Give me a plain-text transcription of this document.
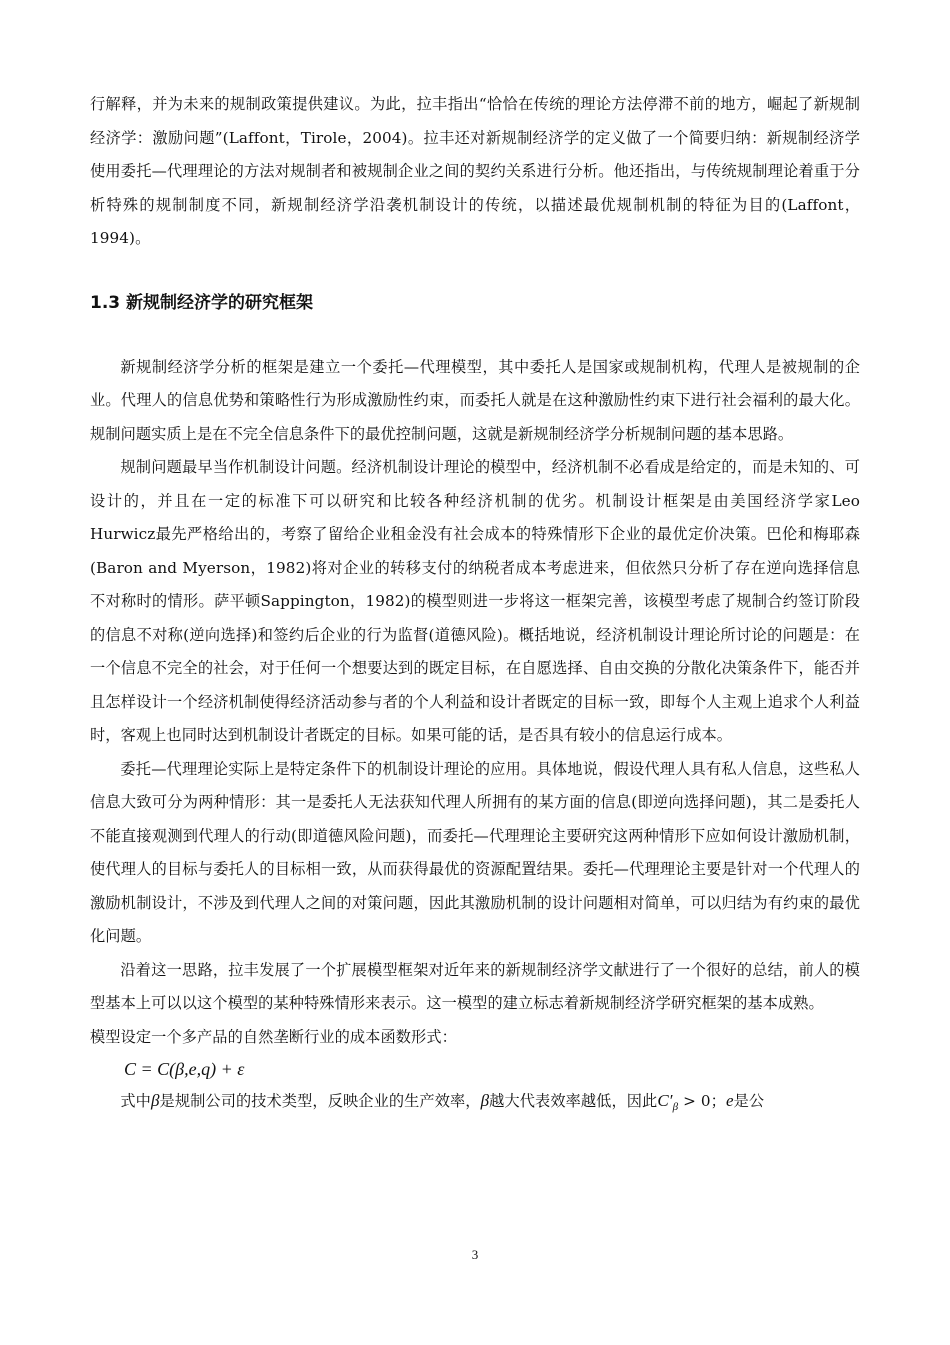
行解释，并为未来的规制政策提供建议。为此，拉丰指出“恰恰在传统的理论方法停滞不前的地方，崛起了新规制经济学：激励问题”(Laffont，Tirole，2004)。拉丰还对新规制经济学的定义做了一个简要归纳：新规制经济学使用委托—代理理论的方法对规制者和被规制企业之间的契约关系进行分析。他还指出，与传统规制理论着重于分析特殊的规制制度不同，新规制经济学沿袭机制设计的传统，以描述最优规制机制的特征为目的(Laffont，1994)。

1.3 新规制经济学的研究框架

新规制经济学分析的框架是建立一个委托—代理模型，其中委托人是国家或规制机构，代理人是被规制的企业。代理人的信息优势和策略性行为形成激励性约束，而委托人就是在这种激励性约束下进行社会福利的最大化。规制问题实质上是在不完全信息条件下的最优控制问题，这就是新规制经济学分析规制问题的基本思路。

规制问题最早当作机制设计问题。经济机制设计理论的模型中，经济机制不必看成是给定的，而是未知的、可设计的，并且在一定的标准下可以研究和比较各种经济机制的优劣。机制设计框架是由美国经济学家Leo Hurwicz最先严格给出的，考察了留给企业租金没有社会成本的特殊情形下企业的最优定价决策。巴伦和梅耶森(Baron and Myerson，1982)将对企业的转移支付的纳税者成本考虑进来，但依然只分析了存在逆向选择信息不对称时的情形。萨平顿Sappington，1982)的模型则进一步将这一框架完善，该模型考虑了规制合约签订阶段的信息不对称(逆向选择)和签约后企业的行为监督(道德风险)。概括地说，经济机制设计理论所讨论的问题是：在一个信息不完全的社会，对于任何一个想要达到的既定目标，在自愿选择、自由交换的分散化决策条件下，能否并且怎样设计一个经济机制使得经济活动参与者的个人利益和设计者既定的目标一致，即每个人主观上追求个人利益时，客观上也同时达到机制设计者既定的目标。如果可能的话，是否具有较小的信息运行成本。

委托—代理理论实际上是特定条件下的机制设计理论的应用。具体地说，假设代理人具有私人信息，这些私人信息大致可分为两种情形：其一是委托人无法获知代理人所拥有的某方面的信息(即逆向选择问题)，其二是委托人不能直接观测到代理人的行动(即道德风险问题)，而委托—代理理论主要研究这两种情形下应如何设计激励机制，使代理人的目标与委托人的目标相一致，从而获得最优的资源配置结果。委托—代理理论主要是针对一个代理人的激励机制设计，不涉及到代理人之间的对策问题，因此其激励机制的设计问题相对简单，可以归结为有约束的最优化问题。

沿着这一思路，拉丰发展了一个扩展模型框架对近年来的新规制经济学文献进行了一个很好的总结，前人的模型基本上可以以这个模型的某种特殊情形来表示。这一模型的建立标志着新规制经济学研究框架的基本成熟。

模型设定一个多产品的自然垄断行业的成本函数形式：

C = C(β,e,q) + ε

式中β是规制公司的技术类型，反映企业的生产效率，β越大代表效率越低，因此$C'_\beta > 0$；e是公

3
